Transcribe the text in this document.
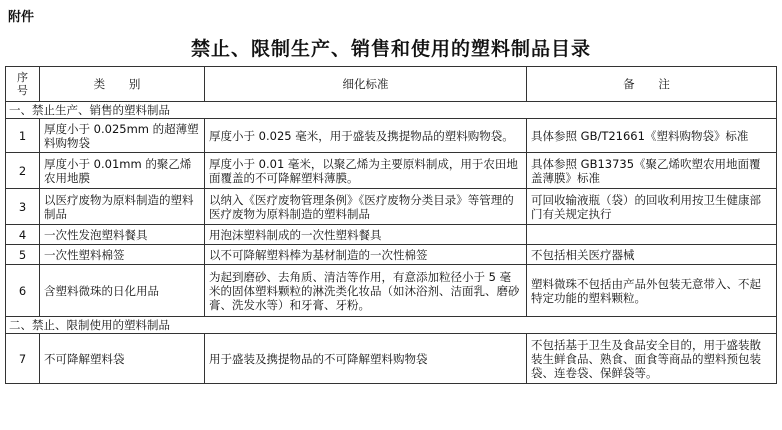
附件
禁止、限制生产、销售和使用的塑料制品目录
序
号	类 别	细化标准	备 注
一、禁止生产、销售的塑料制品			
1	厚度小于 0.025mm 的超薄塑料购物袋	厚度小于 0.025 毫米，用于盛装及携提物品的塑料购物袋。	具体参照 GB/T21661《塑料购物袋》标准
2	厚度小于 0.01mm 的聚乙烯农用地膜	厚度小于 0.01 毫米，以聚乙烯为主要原料制成，用于农田地面覆盖的不可降解塑料薄膜。	具体参照 GB13735《聚乙烯吹塑农用地面覆盖薄膜》标准
3	以医疗废物为原料制造的塑料制品	以纳入《医疗废物管理条例》《医疗废物分类目录》等管理的医疗废物为原料制造的塑料制品	可回收输液瓶（袋）的回收利用按卫生健康部门有关规定执行
4	一次性发泡塑料餐具	用泡沫塑料制成的一次性塑料餐具	
5	一次性塑料棉签	以不可降解塑料棒为基材制造的一次性棉签	不包括相关医疗器械
6	含塑料微珠的日化用品	为起到磨砂、去角质、清洁等作用，有意添加粒径小于 5 毫米的固体塑料颗粒的淋洗类化妆品（如沐浴剂、洁面乳、磨砂膏、洗发水等）和牙膏、牙粉。	塑料微珠不包括由产品外包装无意带入、不起特定功能的塑料颗粒。
二、禁止、限制使用的塑料制品			
7	不可降解塑料袋	用于盛装及携提物品的不可降解塑料购物袋	不包括基于卫生及食品安全目的，用于盛装散装生鲜食品、熟食、面食等商品的塑料预包装袋、连卷袋、保鲜袋等。
